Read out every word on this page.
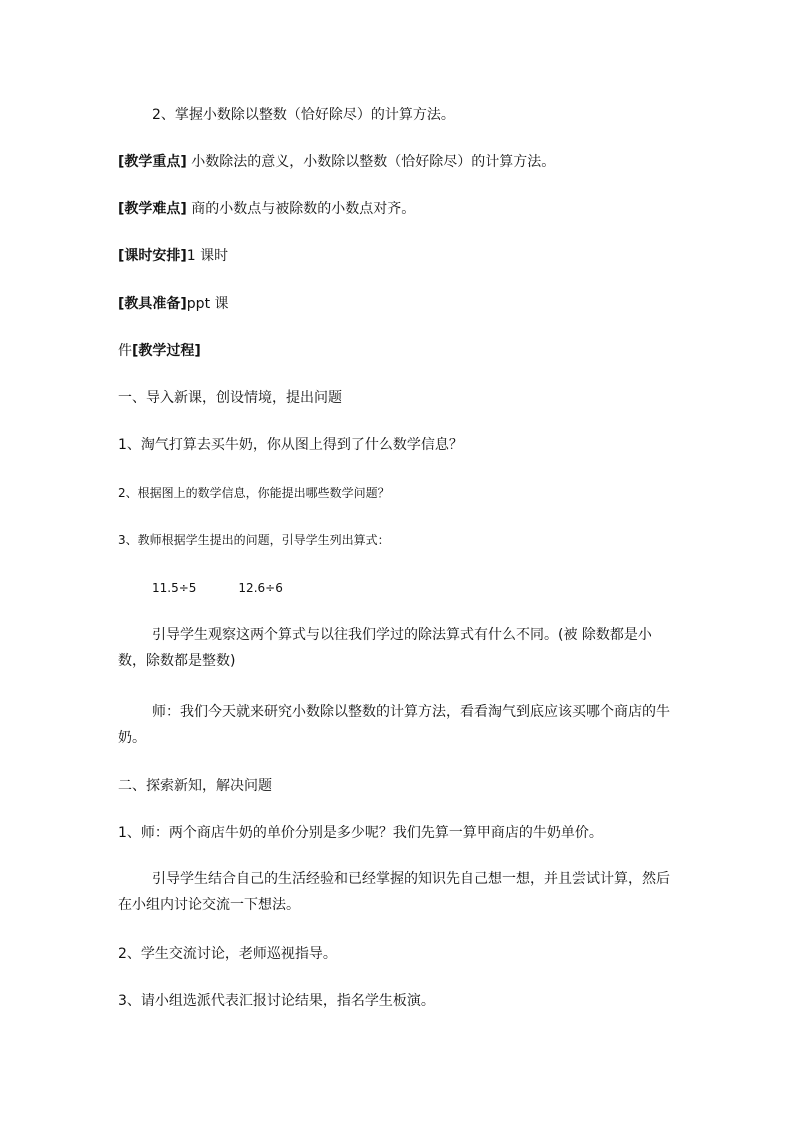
2、掌握小数除以整数（恰好除尽）的计算方法。
[教学重点] 小数除法的意义，小数除以整数（恰好除尽）的计算方法。
[教学难点] 商的小数点与被除数的小数点对齐。
[课时安排]1 课时
[教具准备]ppt 课
件[教学过程]
一、导入新课，创设情境，提出问题
1、淘气打算去买牛奶，你从图上得到了什么数学信息？
2、根据图上的数学信息，你能提出哪些数学问题？
3、教师根据学生提出的问题，引导学生列出算式：
11.5÷5	12.6÷6
引导学生观察这两个算式与以往我们学过的除法算式有什么不同。(被 除数都是小数，除数都是整数)
师：我们今天就来研究小数除以整数的计算方法，看看淘气到底应该买哪个商店的牛奶。
二、探索新知，解决问题
1、师：两个商店牛奶的单价分别是多少呢？我们先算一算甲商店的牛奶单价。
引导学生结合自己的生活经验和已经掌握的知识先自己想一想，并且尝试计算，然后在小组内讨论交流一下想法。
2、学生交流讨论，老师巡视指导。
3、请小组选派代表汇报讨论结果，指名学生板演。
